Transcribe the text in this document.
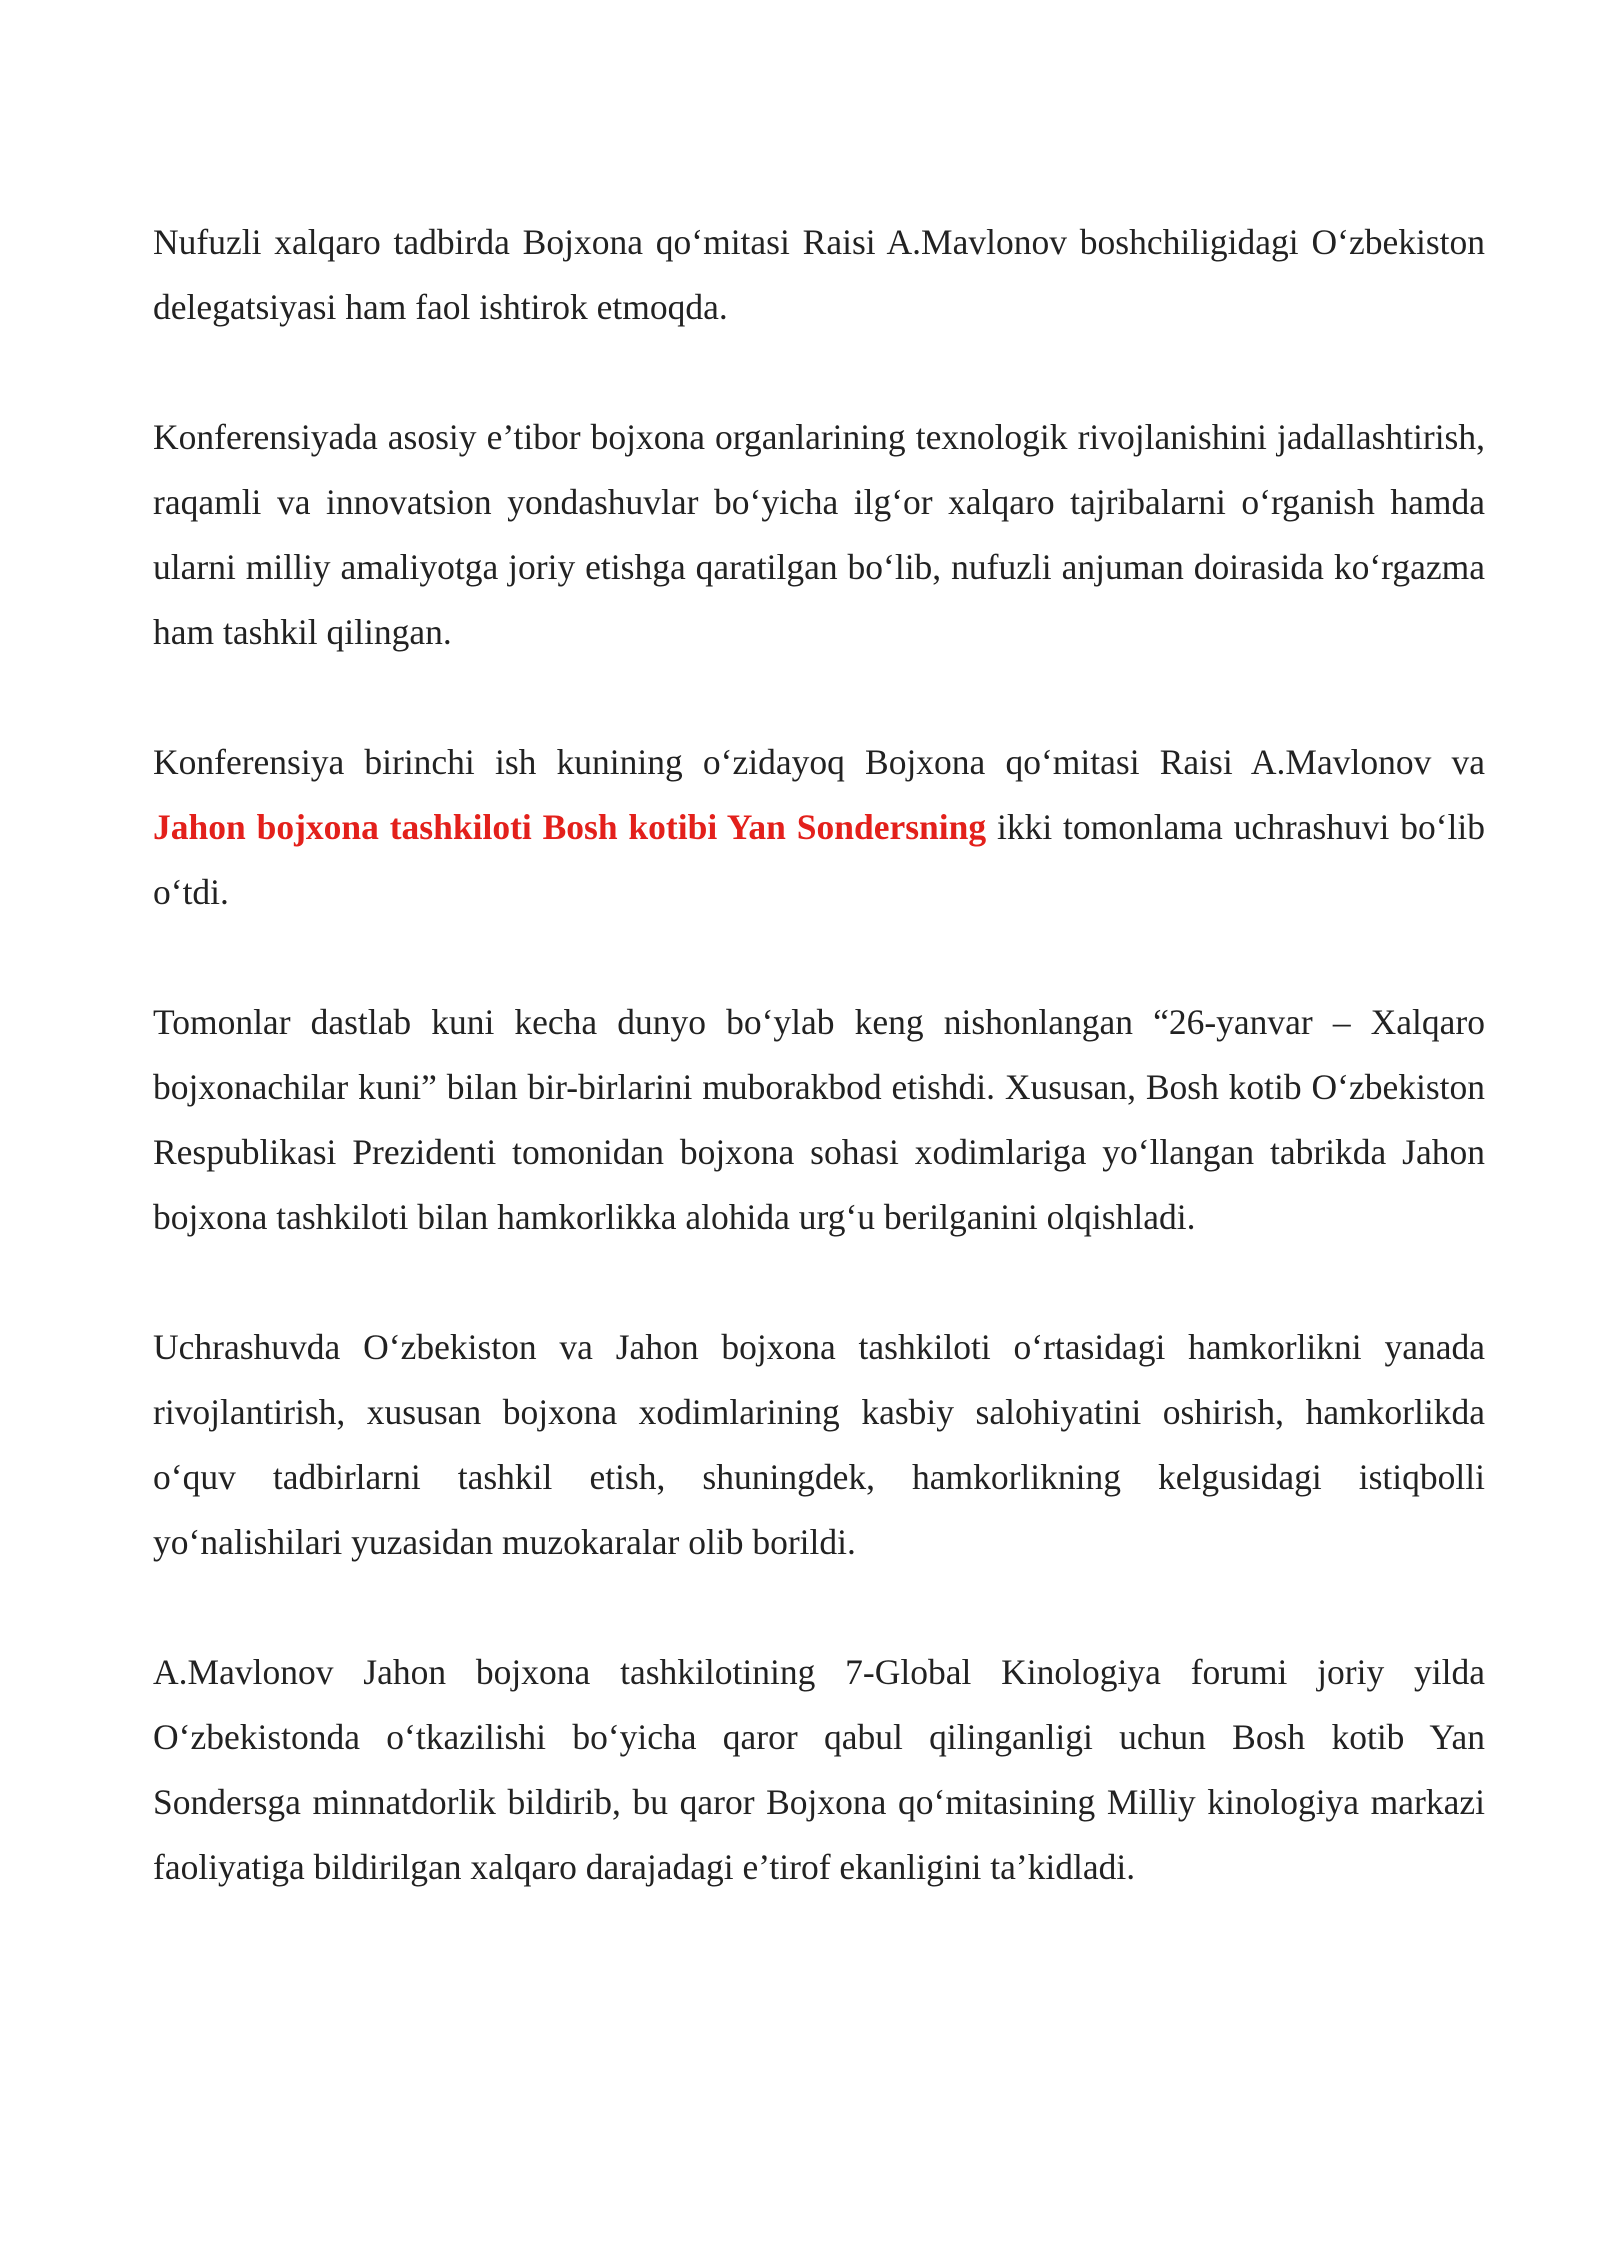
Nufuzli xalqaro tadbirda Bojxona qo‘mitasi Raisi A.Mavlonov boshchiligidagi O‘zbekiston delegatsiyasi ham faol ishtirok etmoqda.

Konferensiyada asosiy e’tibor bojxona organlarining texnologik rivojlanishini jadallashtirish, raqamli va innovatsion yondashuvlar bo‘yicha ilg‘or xalqaro tajribalarni o‘rganish hamda ularni milliy amaliyotga joriy etishga qaratilgan bo‘lib, nufuzli anjuman doirasida ko‘rgazma ham tashkil qilingan.

Konferensiya birinchi ish kunining o‘zidayoq Bojxona qo‘mitasi Raisi A.Mavlonov va Jahon bojxona tashkiloti Bosh kotibi Yan Sondersning ikki tomonlama uchrashuvi bo‘lib o‘tdi.

Tomonlar dastlab kuni kecha dunyo bo‘ylab keng nishonlangan “26-yanvar – Xalqaro bojxonachilar kuni” bilan bir-birlarini muborakbod etishdi. Xususan, Bosh kotib O‘zbekiston Respublikasi Prezidenti tomonidan bojxona sohasi xodimlariga yo‘llangan tabrikda Jahon bojxona tashkiloti bilan hamkorlikka alohida urg‘u berilganini olqishladi.

Uchrashuvda O‘zbekiston va Jahon bojxona tashkiloti o‘rtasidagi hamkorlikni yanada rivojlantirish, xususan bojxona xodimlarining kasbiy salohiyatini oshirish, hamkorlikda o‘quv tadbirlarni tashkil etish, shuningdek, hamkorlikning kelgusidagi istiqbolli yo‘nalishilari yuzasidan muzokaralar olib borildi.

A.Mavlonov Jahon bojxona tashkilotining 7-Global Kinologiya forumi joriy yilda O‘zbekistonda o‘tkazilishi bo‘yicha qaror qabul qilinganligi uchun Bosh kotib Yan Sondersga minnatdorlik bildirib, bu qaror Bojxona qo‘mitasining Milliy kinologiya markazi faoliyatiga bildirilgan xalqaro darajadagi e’tirof ekanligini ta’kidladi.
